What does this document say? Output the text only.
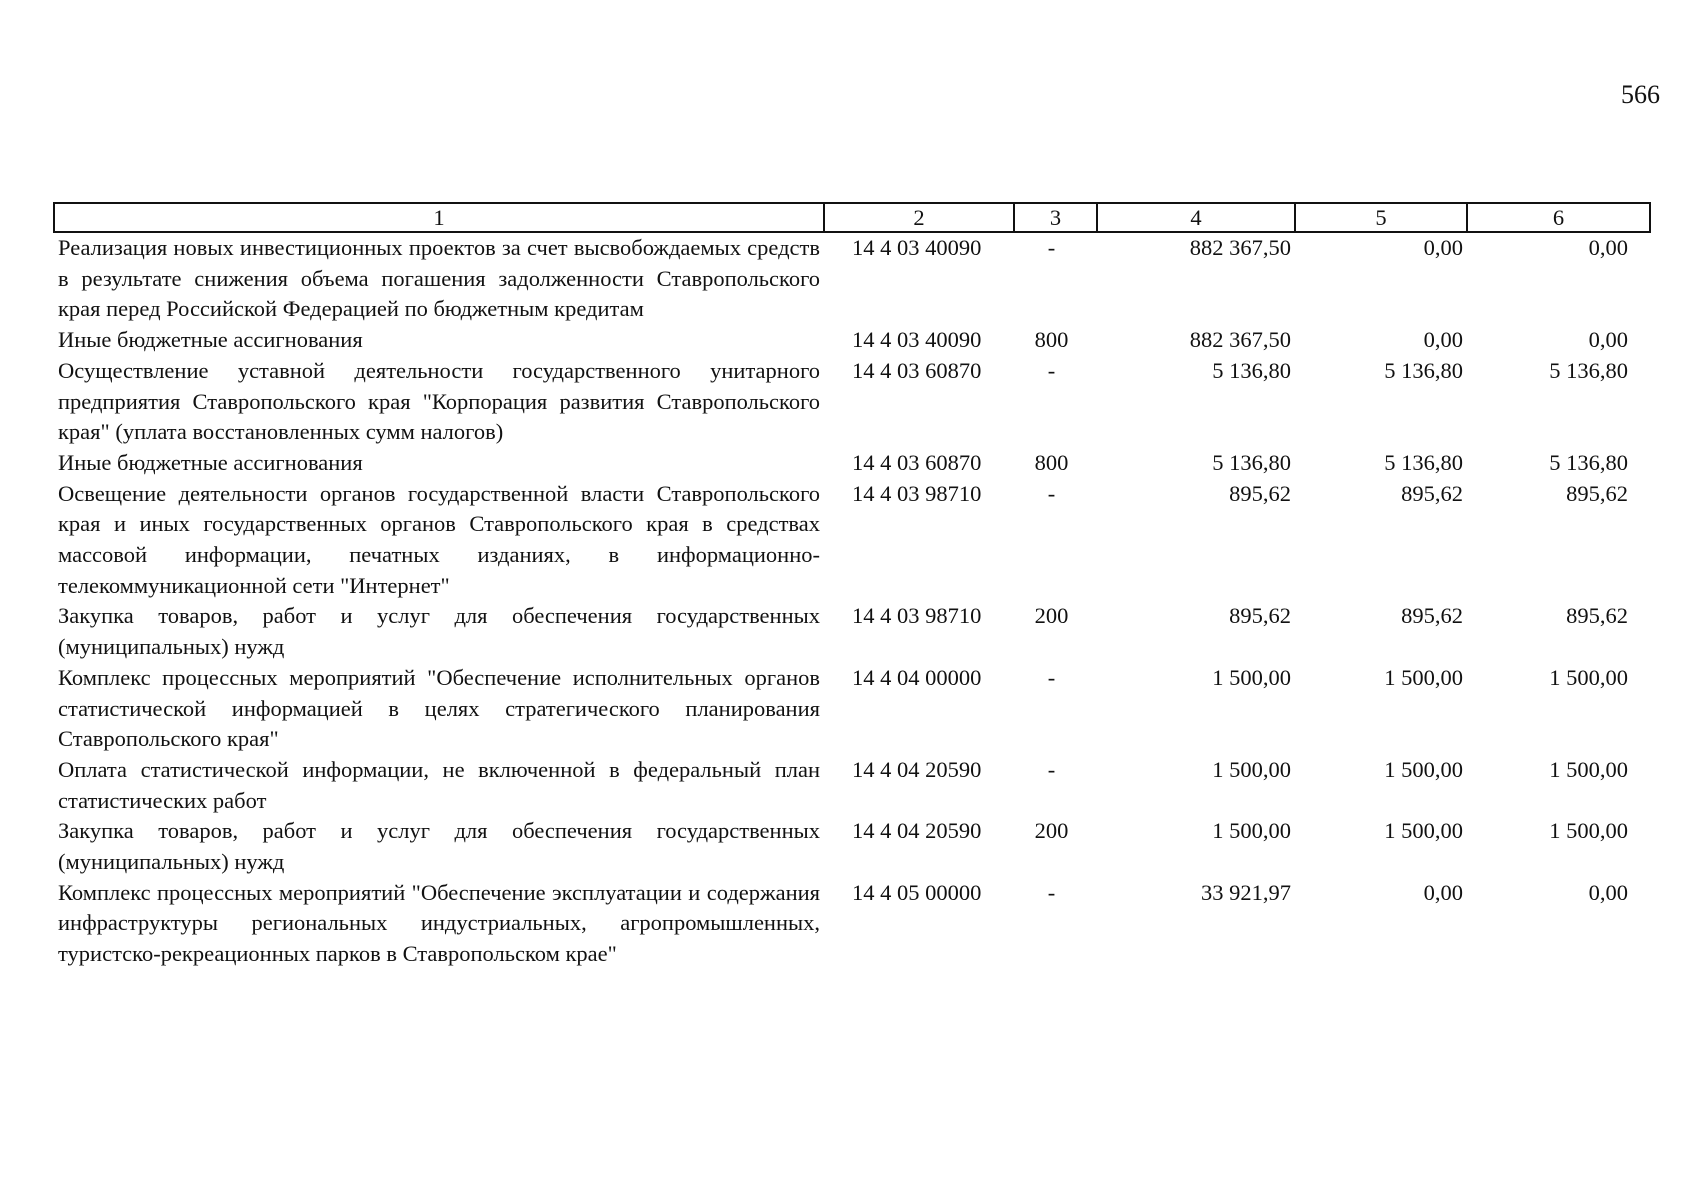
566
1	2	3	4	5	6
Реализация новых инвестиционных проектов за счет высвобождаемых средств в результате снижения объема погашения задолженности Ставропольского края перед Российской Федерацией по бюджетным кредитам	14 4 03 40090	-	882 367,50	0,00	0,00
Иные бюджетные ассигнования	14 4 03 40090	800	882 367,50	0,00	0,00
Осуществление уставной деятельности государственного унитарного предприятия Ставропольского края "Корпорация развития Ставропольского края" (уплата восстановленных сумм налогов)	14 4 03 60870	-	5 136,80	5 136,80	5 136,80
Иные бюджетные ассигнования	14 4 03 60870	800	5 136,80	5 136,80	5 136,80
Освещение деятельности органов государственной власти Ставропольского края и иных государственных органов Ставропольского края в средствах массовой информации, печатных изданиях, в информационно-телекоммуникационной сети "Интернет"	14 4 03 98710	-	895,62	895,62	895,62
Закупка товаров, работ и услуг для обеспечения государственных (муниципальных) нужд	14 4 03 98710	200	895,62	895,62	895,62
Комплекс процессных мероприятий "Обеспечение исполнительных органов статистической информацией в целях стратегического планирования Ставропольского края"	14 4 04 00000	-	1 500,00	1 500,00	1 500,00
Оплата статистической информации, не включенной в федеральный план статистических работ	14 4 04 20590	-	1 500,00	1 500,00	1 500,00
Закупка товаров, работ и услуг для обеспечения государственных (муниципальных) нужд	14 4 04 20590	200	1 500,00	1 500,00	1 500,00
Комплекс процессных мероприятий "Обеспечение эксплуатации и содержания инфраструктуры региональных индустриальных, агропромышленных, туристско-рекреационных парков в Ставропольском крае"	14 4 05 00000	-	33 921,97	0,00	0,00
